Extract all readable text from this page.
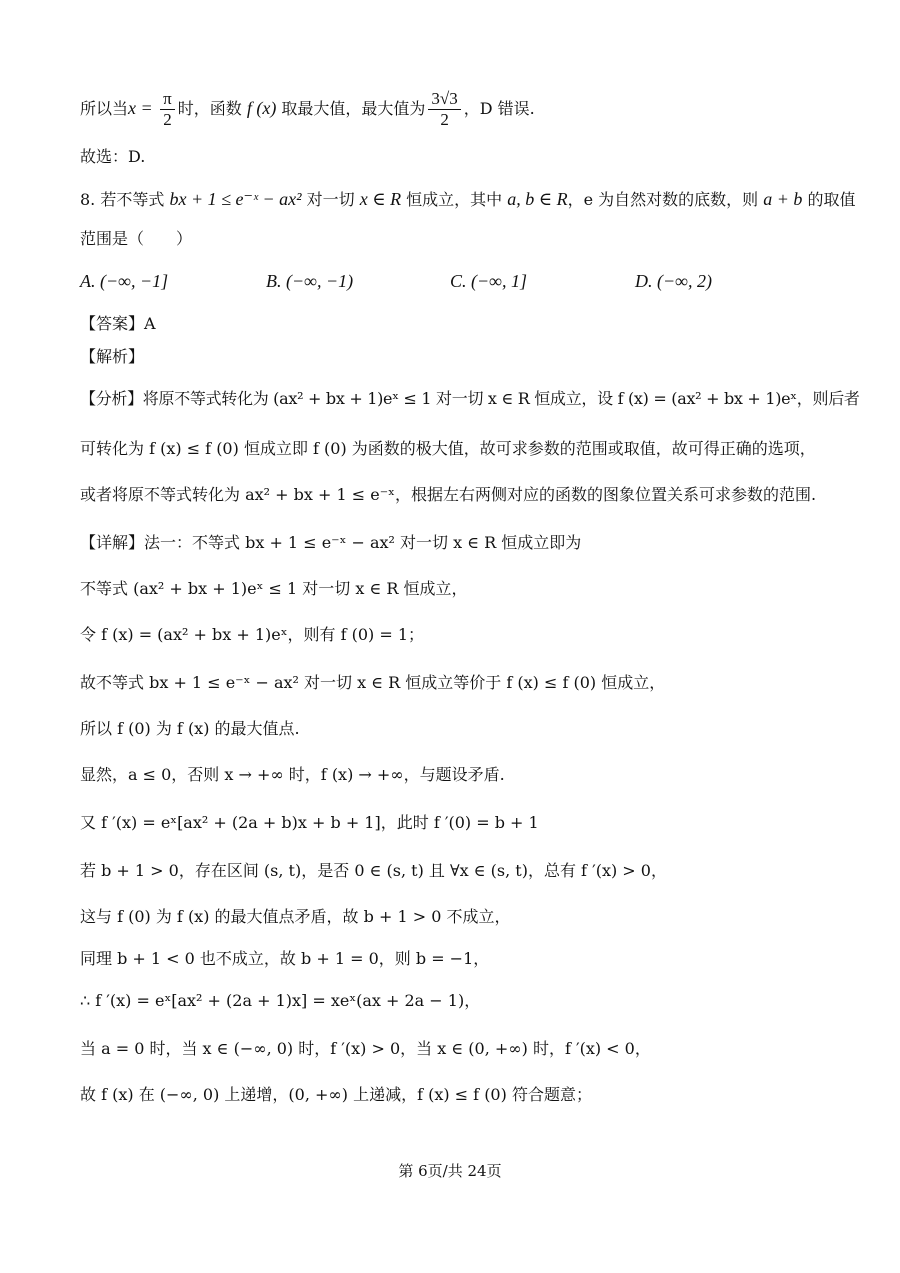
所以当$x = \frac{\pi}{2}$ 时，函数 f (x) 取最大值，最大值为 $\frac{3√3}{2}$ ，D 错误.
故选：D.
8. 若不等式 bx + 1 ≤ e⁻ˣ − ax² 对一切 x ∈ R 恒成立，其中 a, b ∈ R，e 为自然对数的底数，则 a + b 的取值
范围是（　　）
A. (−∞, −1]	B. (−∞, −1)	C. (−∞, 1]	D. (−∞, 2)
【答案】A
【解析】
【分析】将原不等式转化为 (ax² + bx + 1)eˣ ≤ 1 对一切 x ∈ R 恒成立，设 f (x) = (ax² + bx + 1)eˣ，则后者
可转化为 f (x) ≤ f (0) 恒成立即 f (0) 为函数的极大值，故可求参数的范围或取值，故可得正确的选项，
或者将原不等式转化为 ax² + bx + 1 ≤ e⁻ˣ，根据左右两侧对应的函数的图象位置关系可求参数的范围.
【详解】法一：不等式 bx + 1 ≤ e⁻ˣ − ax² 对一切 x ∈ R 恒成立即为
不等式 (ax² + bx + 1)eˣ ≤ 1 对一切 x ∈ R 恒成立，
令 f (x) = (ax² + bx + 1)eˣ，则有 f (0) = 1；
故不等式 bx + 1 ≤ e⁻ˣ − ax² 对一切 x ∈ R 恒成立等价于 f (x) ≤ f (0) 恒成立，
所以 f (0) 为 f (x) 的最大值点.
显然，a ≤ 0，否则 x → +∞ 时，f (x) → +∞，与题设矛盾.
又 f ′(x) = eˣ[ax² + (2a + b)x + b + 1]，此时 f ′(0) = b + 1
若 b + 1 > 0，存在区间 (s, t)，是否 0 ∈ (s, t) 且 ∀x ∈ (s, t)，总有 f ′(x) > 0，
这与 f (0) 为 f (x) 的最大值点矛盾，故 b + 1 > 0 不成立，
同理 b + 1 < 0 也不成立，故 b + 1 = 0，则 b = −1，
∴ f ′(x) = eˣ[ax² + (2a + 1)x] = xeˣ(ax + 2a − 1)，
当 a = 0 时，当 x ∈ (−∞, 0) 时，f ′(x) > 0，当 x ∈ (0, +∞) 时，f ′(x) < 0，
故 f (x) 在 (−∞, 0) 上递增，(0, +∞) 上递减，f (x) ≤ f (0) 符合题意；
第 6页/共 24页
